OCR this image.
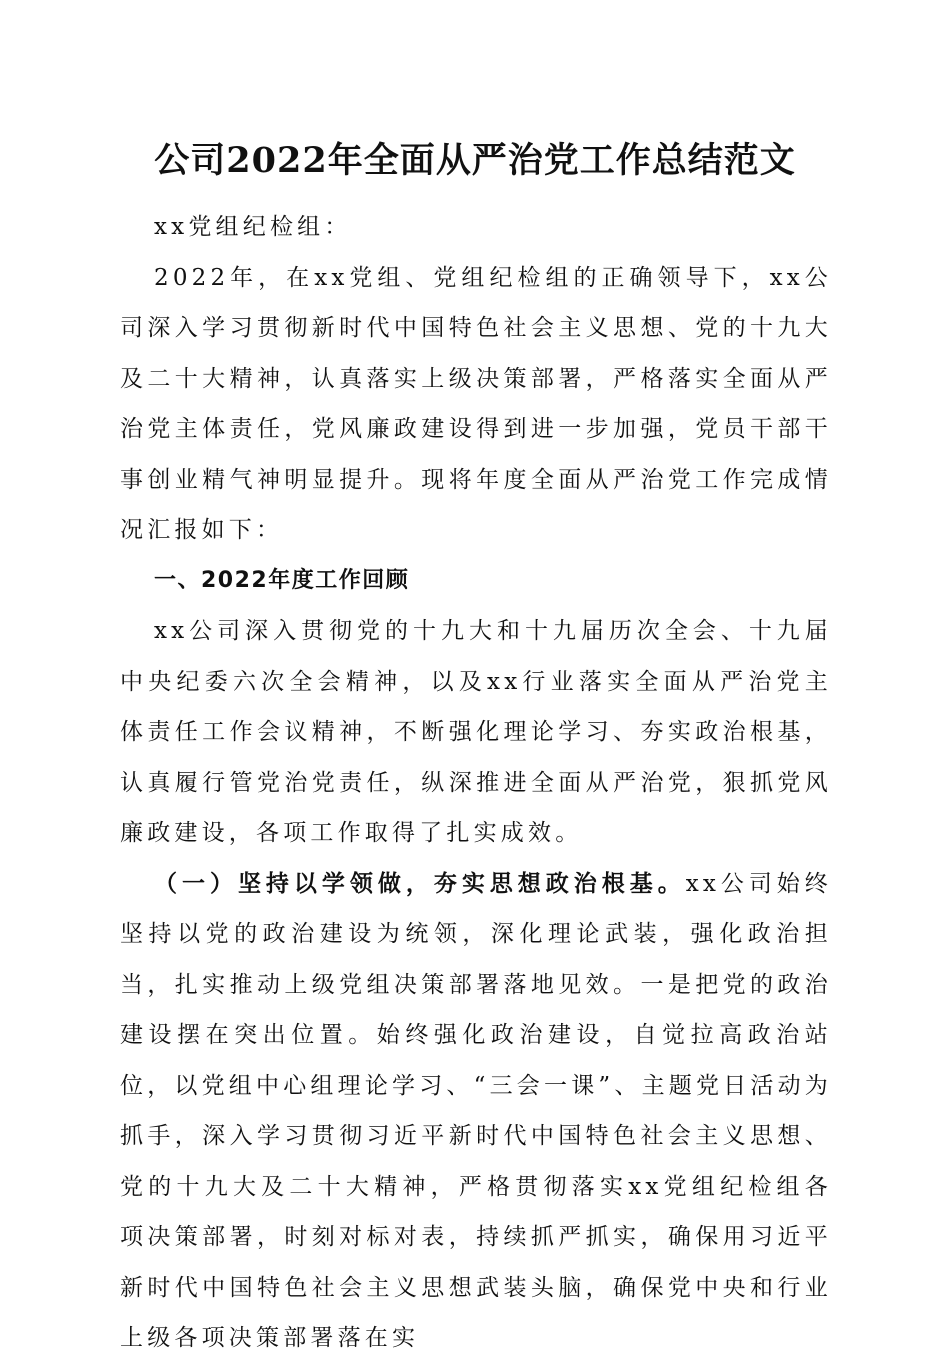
公司2022年全面从严治党工作总结范文

xx党组纪检组：

2022年，在xx党组、党组纪检组的正确领导下，xx公司深入学习贯彻新时代中国特色社会主义思想、党的十九大及二十大精神，认真落实上级决策部署，严格落实全面从严治党主体责任，党风廉政建设得到进一步加强，党员干部干事创业精气神明显提升。现将年度全面从严治党工作完成情况汇报如下：

一、2022年度工作回顾

xx公司深入贯彻党的十九大和十九届历次全会、十九届中央纪委六次全会精神，以及xx行业落实全面从严治党主体责任工作会议精神，不断强化理论学习、夯实政治根基，认真履行管党治党责任，纵深推进全面从严治党，狠抓党风廉政建设，各项工作取得了扎实成效。

（一）坚持以学领做，夯实思想政治根基。xx公司始终坚持以党的政治建设为统领，深化理论武装，强化政治担当，扎实推动上级党组决策部署落地见效。一是把党的政治建设摆在突出位置。始终强化政治建设，自觉拉高政治站位，以党组中心组理论学习、“三会一课”、主题党日活动为抓手，深入学习贯彻习近平新时代中国特色社会主义思想、党的十九大及二十大精神，严格贯彻落实xx党组纪检组各项决策部署，时刻对标对表，持续抓严抓实，确保用习近平新时代中国特色社会主义思想武装头脑，确保党中央和行业上级各项决策部署落在实
